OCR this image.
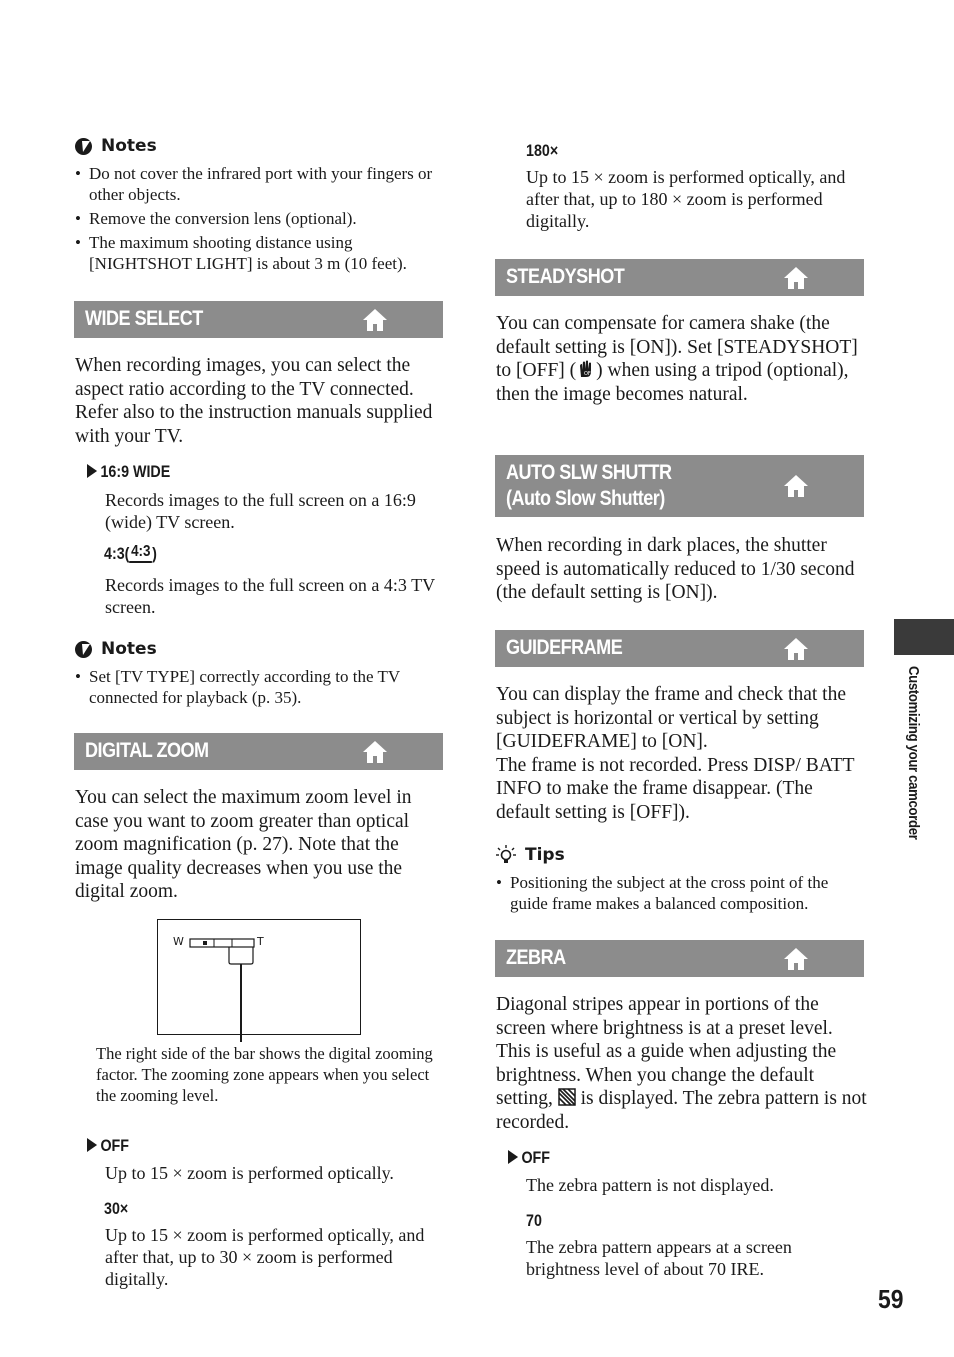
Notes
• Do not cover the infrared port with your fingers or other objects.
• Remove the conversion lens (optional).
• The maximum shooting distance using [NIGHTSHOT LIGHT] is about 3 m (10 feet).
WIDE SELECT
When recording images, you can select the aspect ratio according to the TV connected. Refer also to the instruction manuals supplied with your TV.
16:9 WIDE
Records images to the full screen on a 16:9 (wide) TV screen.
4:3( 4:3 )
Records images to the full screen on a 4:3 TV screen.
Notes
• Set [TV TYPE] correctly according to the TV connected for playback (p. 35).
DIGITAL ZOOM
You can select the maximum zoom level in case you want to zoom greater than optical zoom magnification (p. 27). Note that the image quality decreases when you use the digital zoom.
W	T
The right side of the bar shows the digital zooming factor. The zooming zone appears when you select the zooming level.
OFF
Up to 15 × zoom is performed optically.
30×
Up to 15 × zoom is performed optically, and after that, up to 30 × zoom is performed digitally.
180×
Up to 15 × zoom is performed optically, and after that, up to 180 × zoom is performed digitally.
STEADYSHOT
You can compensate for camera shake (the default setting is [ON]). Set [STEADYSHOT] to [OFF] ( OFF ) when using a tripod (optional), then the image becomes natural.
AUTO SLW SHUTTR
(Auto Slow Shutter)
When recording in dark places, the shutter speed is automatically reduced to 1/30 second (the default setting is [ON]).
GUIDEFRAME
You can display the frame and check that the subject is horizontal or vertical by setting [GUIDEFRAME] to [ON].
The frame is not recorded. Press DISP/ BATT INFO to make the frame disappear. (The default setting is [OFF]).
Tips
• Positioning the subject at the cross point of the guide frame makes a balanced composition.
ZEBRA
Diagonal stripes appear in portions of the screen where brightness is at a preset level. This is useful as a guide when adjusting the brightness. When you change the default setting,  is displayed. The zebra pattern is not recorded.
OFF
The zebra pattern is not displayed.
70
The zebra pattern appears at a screen brightness level of about 70 IRE.
Customizing your camcorder
59
